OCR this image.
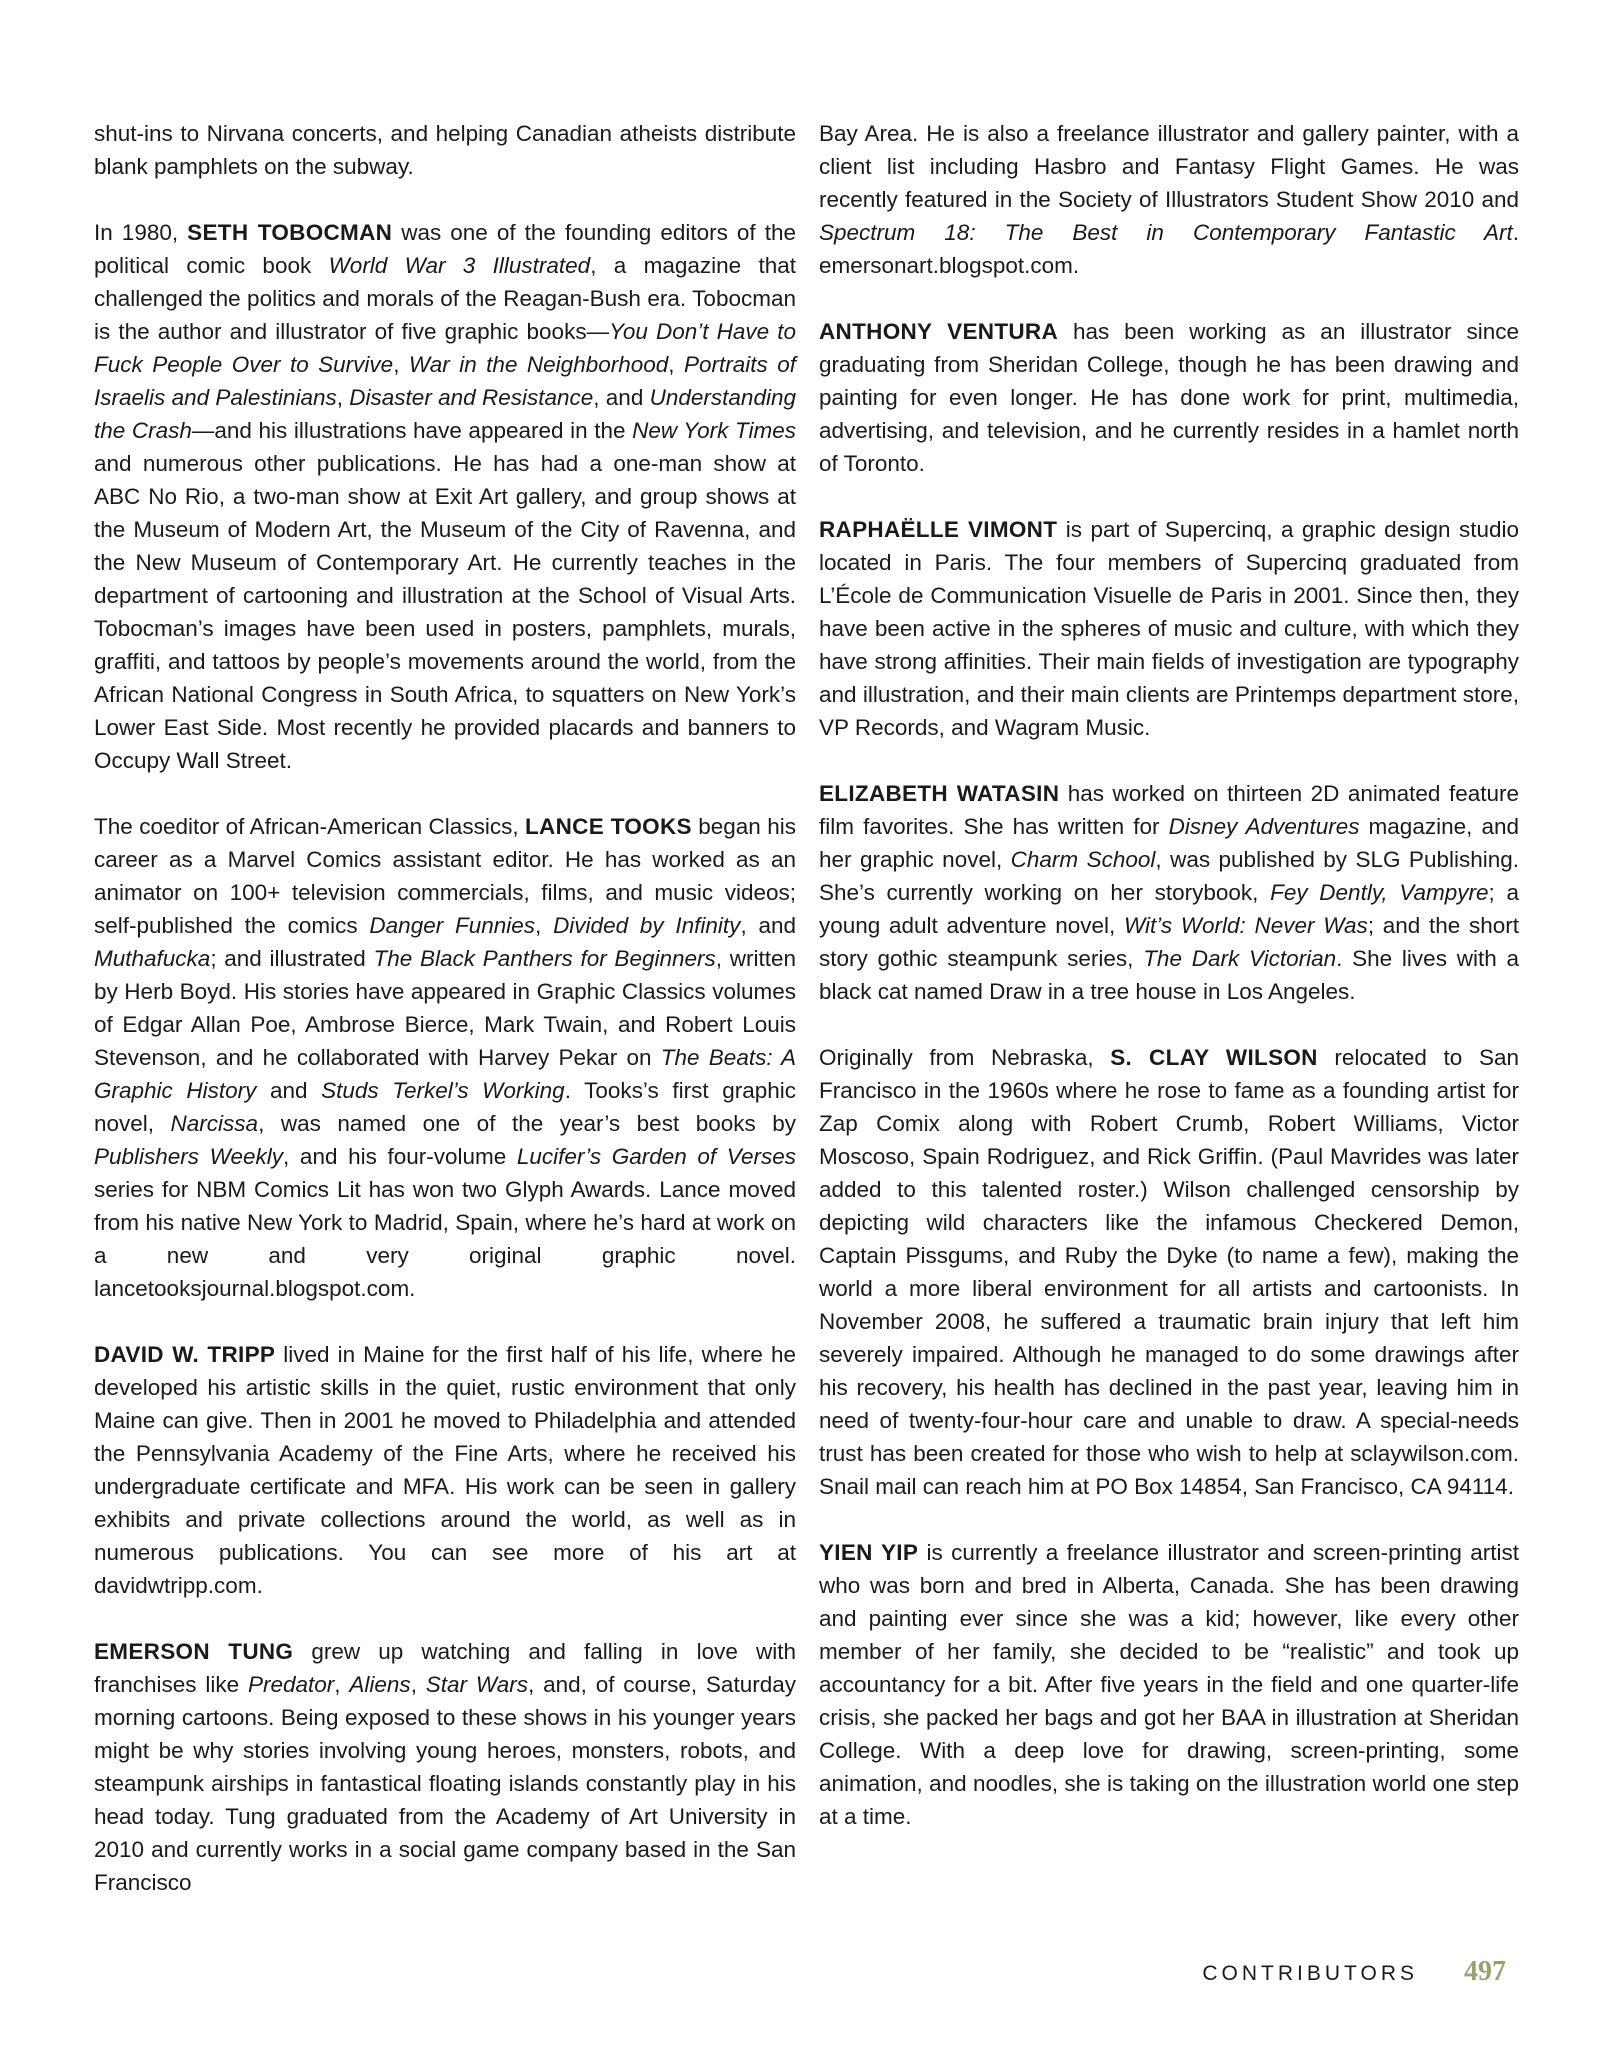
shut-ins to Nirvana concerts, and helping Canadian atheists distribute blank pamphlets on the subway.

In 1980, SETH TOBOCMAN was one of the founding editors of the political comic book World War 3 Illustrated, a magazine that challenged the politics and morals of the Reagan-Bush era. Tobocman is the author and illustrator of five graphic books—You Don’t Have to Fuck People Over to Survive, War in the Neighborhood, Portraits of Israelis and Palestinians, Disaster and Resistance, and Understanding the Crash—and his illustrations have appeared in the New York Times and numerous other publications. He has had a one-man show at ABC No Rio, a two-man show at Exit Art gallery, and group shows at the Museum of Modern Art, the Museum of the City of Ravenna, and the New Museum of Contemporary Art. He currently teaches in the department of cartooning and illustration at the School of Visual Arts. Tobocman’s images have been used in posters, pamphlets, murals, graffiti, and tattoos by people’s movements around the world, from the African National Congress in South Africa, to squatters on New York’s Lower East Side. Most recently he provided placards and banners to Occupy Wall Street.

The coeditor of African-American Classics, LANCE TOOKS began his career as a Marvel Comics assistant editor. He has worked as an animator on 100+ television commercials, films, and music videos; self-published the comics Danger Funnies, Divided by Infinity, and Muthafucka; and illustrated The Black Panthers for Beginners, written by Herb Boyd. His stories have appeared in Graphic Classics volumes of Edgar Allan Poe, Ambrose Bierce, Mark Twain, and Robert Louis Stevenson, and he collaborated with Harvey Pekar on The Beats: A Graphic History and Studs Terkel’s Working. Tooks’s first graphic novel, Narcissa, was named one of the year’s best books by Publishers Weekly, and his four-volume Lucifer’s Garden of Verses series for NBM Comics Lit has won two Glyph Awards. Lance moved from his native New York to Madrid, Spain, where he’s hard at work on a new and very original graphic novel. lancetooksjournal.blogspot.com.

DAVID W. TRIPP lived in Maine for the first half of his life, where he developed his artistic skills in the quiet, rustic environment that only Maine can give. Then in 2001 he moved to Philadelphia and attended the Pennsylvania Academy of the Fine Arts, where he received his undergraduate certificate and MFA. His work can be seen in gallery exhibits and private collections around the world, as well as in numerous publications. You can see more of his art at davidwtripp.com.

EMERSON TUNG grew up watching and falling in love with franchises like Predator, Aliens, Star Wars, and, of course, Saturday morning cartoons. Being exposed to these shows in his younger years might be why stories involving young heroes, monsters, robots, and steampunk airships in fantastical floating islands constantly play in his head today. Tung graduated from the Academy of Art University in 2010 and currently works in a social game company based in the San Francisco

Bay Area. He is also a freelance illustrator and gallery painter, with a client list including Hasbro and Fantasy Flight Games. He was recently featured in the Society of Illustrators Student Show 2010 and Spectrum 18: The Best in Contemporary Fantastic Art. emersonart.blogspot.com.

ANTHONY VENTURA has been working as an illustrator since graduating from Sheridan College, though he has been drawing and painting for even longer. He has done work for print, multimedia, advertising, and television, and he currently resides in a hamlet north of Toronto.

RAPHAËLLE VIMONT is part of Supercinq, a graphic design studio located in Paris. The four members of Supercinq graduated from L’École de Communication Visuelle de Paris in 2001. Since then, they have been active in the spheres of music and culture, with which they have strong affinities. Their main fields of investigation are typography and illustration, and their main clients are Printemps department store, VP Records, and Wagram Music.

ELIZABETH WATASIN has worked on thirteen 2D animated feature film favorites. She has written for Disney Adventures magazine, and her graphic novel, Charm School, was published by SLG Publishing. She’s currently working on her storybook, Fey Dently, Vampyre; a young adult adventure novel, Wit’s World: Never Was; and the short story gothic steampunk series, The Dark Victorian. She lives with a black cat named Draw in a tree house in Los Angeles.

Originally from Nebraska, S. CLAY WILSON relocated to San Francisco in the 1960s where he rose to fame as a founding artist for Zap Comix along with Robert Crumb, Robert Williams, Victor Moscoso, Spain Rodriguez, and Rick Griffin. (Paul Mavrides was later added to this talented roster.) Wilson challenged censorship by depicting wild characters like the infamous Checkered Demon, Captain Pissgums, and Ruby the Dyke (to name a few), making the world a more liberal environment for all artists and cartoonists. In November 2008, he suffered a traumatic brain injury that left him severely impaired. Although he managed to do some drawings after his recovery, his health has declined in the past year, leaving him in need of twenty-four-hour care and unable to draw. A special-needs trust has been created for those who wish to help at sclaywilson.com. Snail mail can reach him at PO Box 14854, San Francisco, CA 94114.

YIEN YIP is currently a freelance illustrator and screen-printing artist who was born and bred in Alberta, Canada. She has been drawing and painting ever since she was a kid; however, like every other member of her family, she decided to be “realistic” and took up accountancy for a bit. After five years in the field and one quarter-life crisis, she packed her bags and got her BAA in illustration at Sheridan College. With a deep love for drawing, screen-printing, some animation, and noodles, she is taking on the illustration world one step at a time.

CONTRIBUTORS 497
